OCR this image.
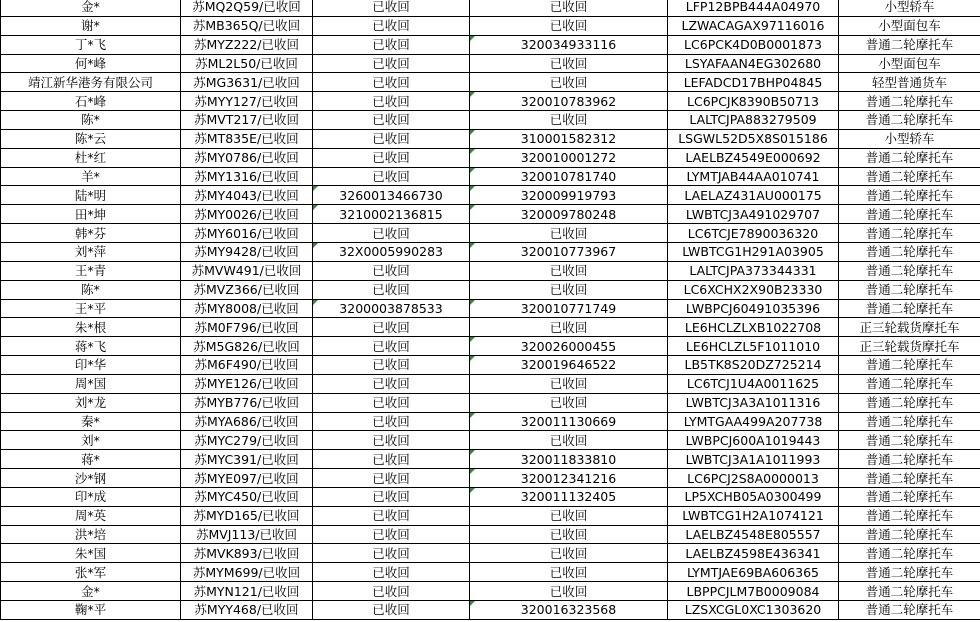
金*	苏MQ2Q59/已收回	已收回	已收回	LFP12BPB444A04970	小型轿车
谢*	苏MB365Q/已收回	已收回	已收回	LZWACAGAX97116016	小型面包车
丁*飞	苏MYZ222/已收回	已收回	320034933116	LC6PCK4D0B0001873	普通二轮摩托车
何*峰	苏ML2L50/已收回	已收回	已收回	LSYAFAAN4EG302680	小型面包车
靖江新华港务有限公司	苏MG3631/已收回	已收回	已收回	LEFADCD17BHP04845	轻型普通货车
石*峰	苏MYY127/已收回	已收回	320010783962	LC6PCJK8390B50713	普通二轮摩托车
陈*	苏MVT217/已收回	已收回	已收回	LALTCJPA883279509	普通二轮摩托车
陈*云	苏MT835E/已收回	已收回	310001582312	LSGWL52D5X8S015186	小型轿车
杜*红	苏MY0786/已收回	已收回	320010001272	LAELBZ4549E000692	普通二轮摩托车
羊*	苏MY1316/已收回	已收回	320010781740	LYMTJAB44AA010741	普通二轮摩托车
陆*明	苏MY4043/已收回	3260013466730	320009919793	LAELAZ431AU000175	普通二轮摩托车
田*坤	苏MY0026/已收回	3210002136815	320009780248	LWBTCJ3A491029707	普通二轮摩托车
韩*芬	苏MY6016/已收回	已收回	已收回	LC6TCJE7890036320	普通二轮摩托车
刘*萍	苏MY9428/已收回	32X0005990283	320010773967	LWBTCG1H291A03905	普通二轮摩托车
王*青	苏MVW491/已收回	已收回	已收回	LALTCJPA373344331	普通二轮摩托车
陈*	苏MVZ366/已收回	已收回	已收回	LC6XCHX2X90B23330	普通二轮摩托车
王*平	苏MY8008/已收回	3200003878533	320010771749	LWBPCJ60491035396	普通二轮摩托车
朱*根	苏M0F796/已收回	已收回	已收回	LE6HCLZLXB1022708	正三轮载货摩托车
蒋*飞	苏M5G826/已收回	已收回	320026000455	LE6HCLZL5F1011010	正三轮载货摩托车
印*华	苏M6F490/已收回	已收回	320019646522	LB5TK8S20DZ725214	普通二轮摩托车
周*国	苏MYE126/已收回	已收回	已收回	LC6TCJ1U4A0011625	普通二轮摩托车
刘*龙	苏MYB776/已收回	已收回	已收回	LWBTCJ3A3A1011316	普通二轮摩托车
秦*	苏MYA686/已收回	已收回	320011130669	LYMTGAA499A207738	普通二轮摩托车
刘*	苏MYC279/已收回	已收回	已收回	LWBPCJ600A1019443	普通二轮摩托车
蒋*	苏MYC391/已收回	已收回	320011833810	LWBTCJ3A1A1011993	普通二轮摩托车
沙*钢	苏MYE097/已收回	已收回	320012341216	LC6PCJ2S8A0000013	普通二轮摩托车
印*成	苏MYC450/已收回	已收回	320011132405	LP5XCHB05A0300499	普通二轮摩托车
周*英	苏MYD165/已收回	已收回	已收回	LWBTCG1H2A1074121	普通二轮摩托车
洪*培	苏MVJ113/已收回	已收回	已收回	LAELBZ4548E805557	普通二轮摩托车
朱*国	苏MVK893/已收回	已收回	已收回	LAELBZ4598E436341	普通二轮摩托车
张*军	苏MYM699/已收回	已收回	已收回	LYMTJAE69BA606365	普通二轮摩托车
金*	苏MYN121/已收回	已收回	已收回	LBPPCJLM7B0009084	普通二轮摩托车
鞠*平	苏MYY468/已收回	已收回	320016323568	LZSXCGL0XC1303620	普通二轮摩托车
